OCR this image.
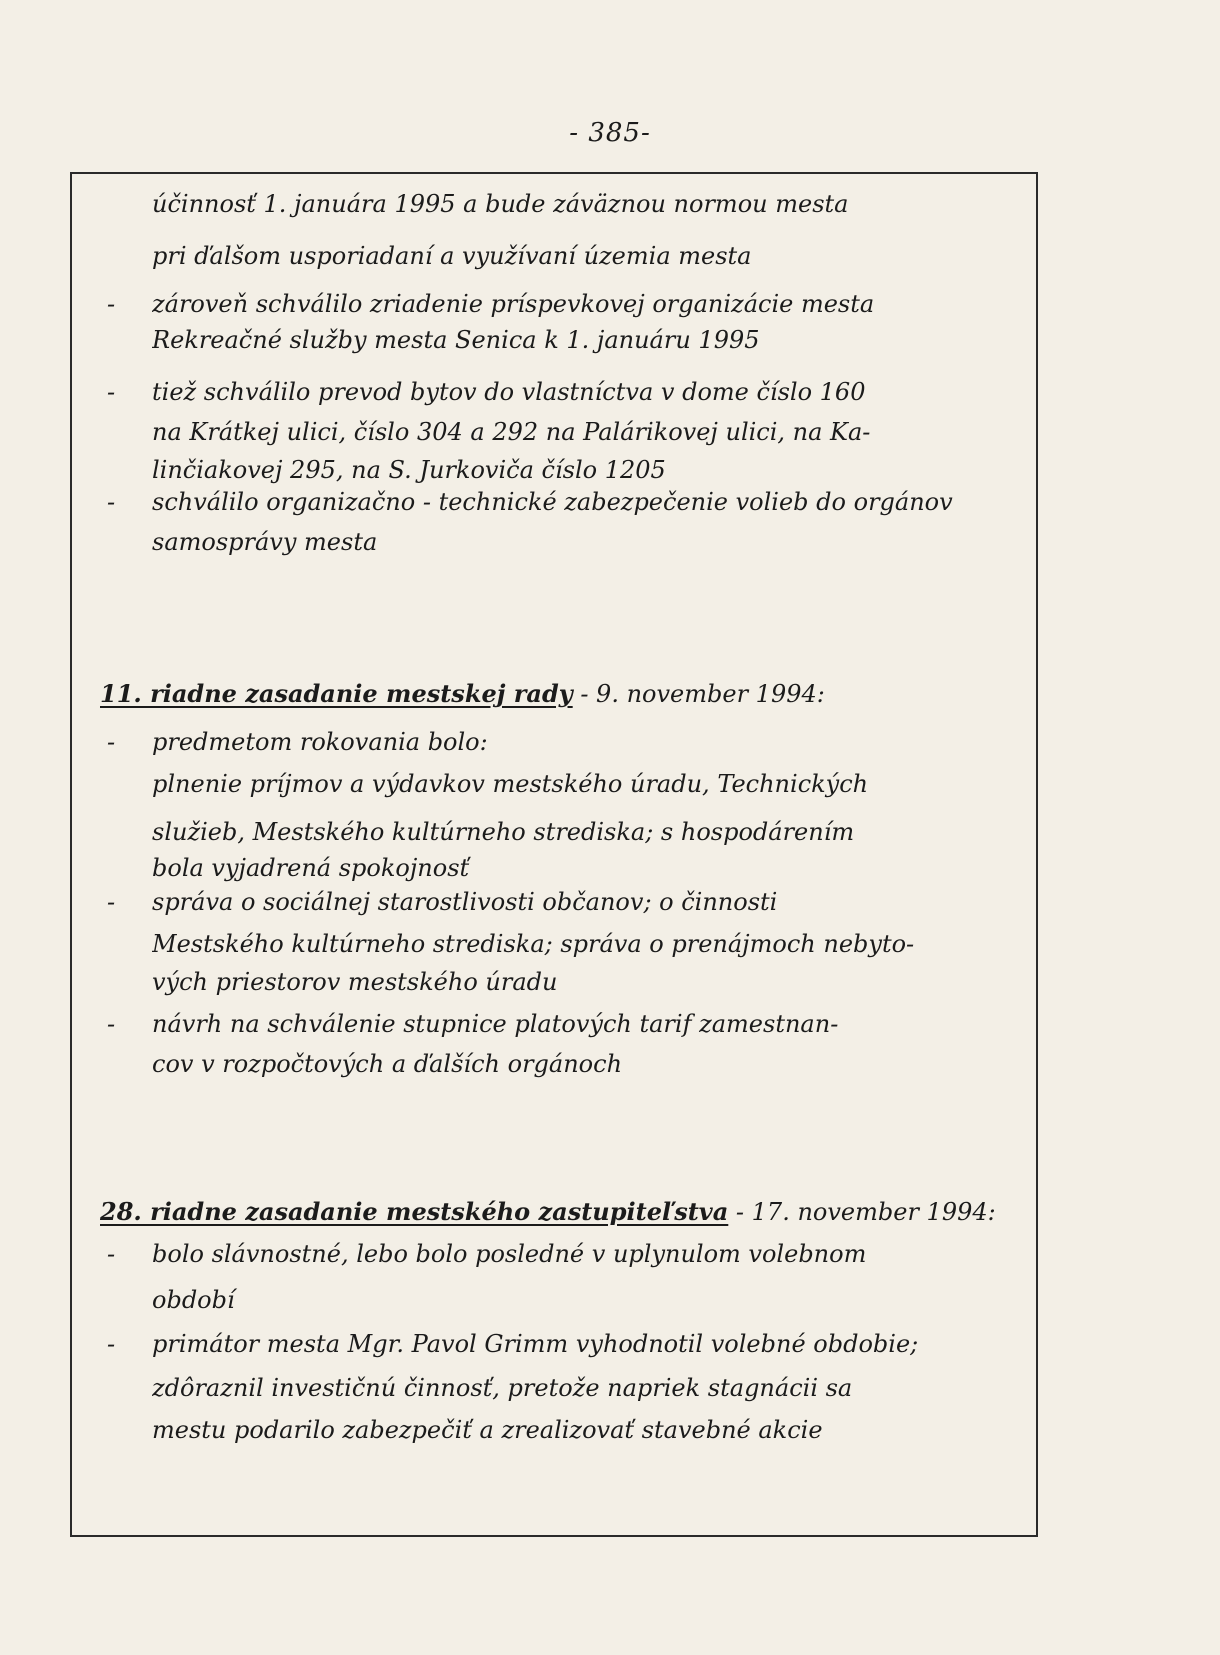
- 385-
účinnosť 1. januára 1995 a bude záväznou normou mesta
pri ďalšom usporiadaní a využívaní územia mesta
-	zároveň schválilo zriadenie príspevkovej organizácie mesta
Rekreačné služby mesta Senica k 1. januáru 1995
-	tiež schválilo prevod bytov do vlastníctva v dome číslo 160
na Krátkej ulici, číslo 304 a 292 na Palárikovej ulici, na Ka-
linčiakovej 295, na S. Jurkoviča číslo 1205
-	schválilo organizačno - technické zabezpečenie volieb do orgánov
samosprávy mesta
11. riadne zasadanie mestskej rady - 9. november 1994:
-	predmetom rokovania bolo:
plnenie príjmov a výdavkov mestského úradu, Technických
služieb, Mestského kultúrneho strediska; s hospodárením
bola vyjadrená spokojnosť
-	správa o sociálnej starostlivosti občanov; o činnosti
Mestského kultúrneho strediska; správa o prenájmoch nebyto-
vých priestorov mestského úradu
-	návrh na schválenie stupnice platových tarif zamestnan-
cov v rozpočtových a ďalších orgánoch
28. riadne zasadanie mestského zastupiteľstva - 17. november 1994:
-	bolo slávnostné, lebo bolo posledné v uplynulom volebnom
období
-	primátor mesta Mgr. Pavol Grimm vyhodnotil volebné obdobie;
zdôraznil investičnú činnosť, pretože napriek stagnácii sa
mestu podarilo zabezpečiť a zrealizovať stavebné akcie
